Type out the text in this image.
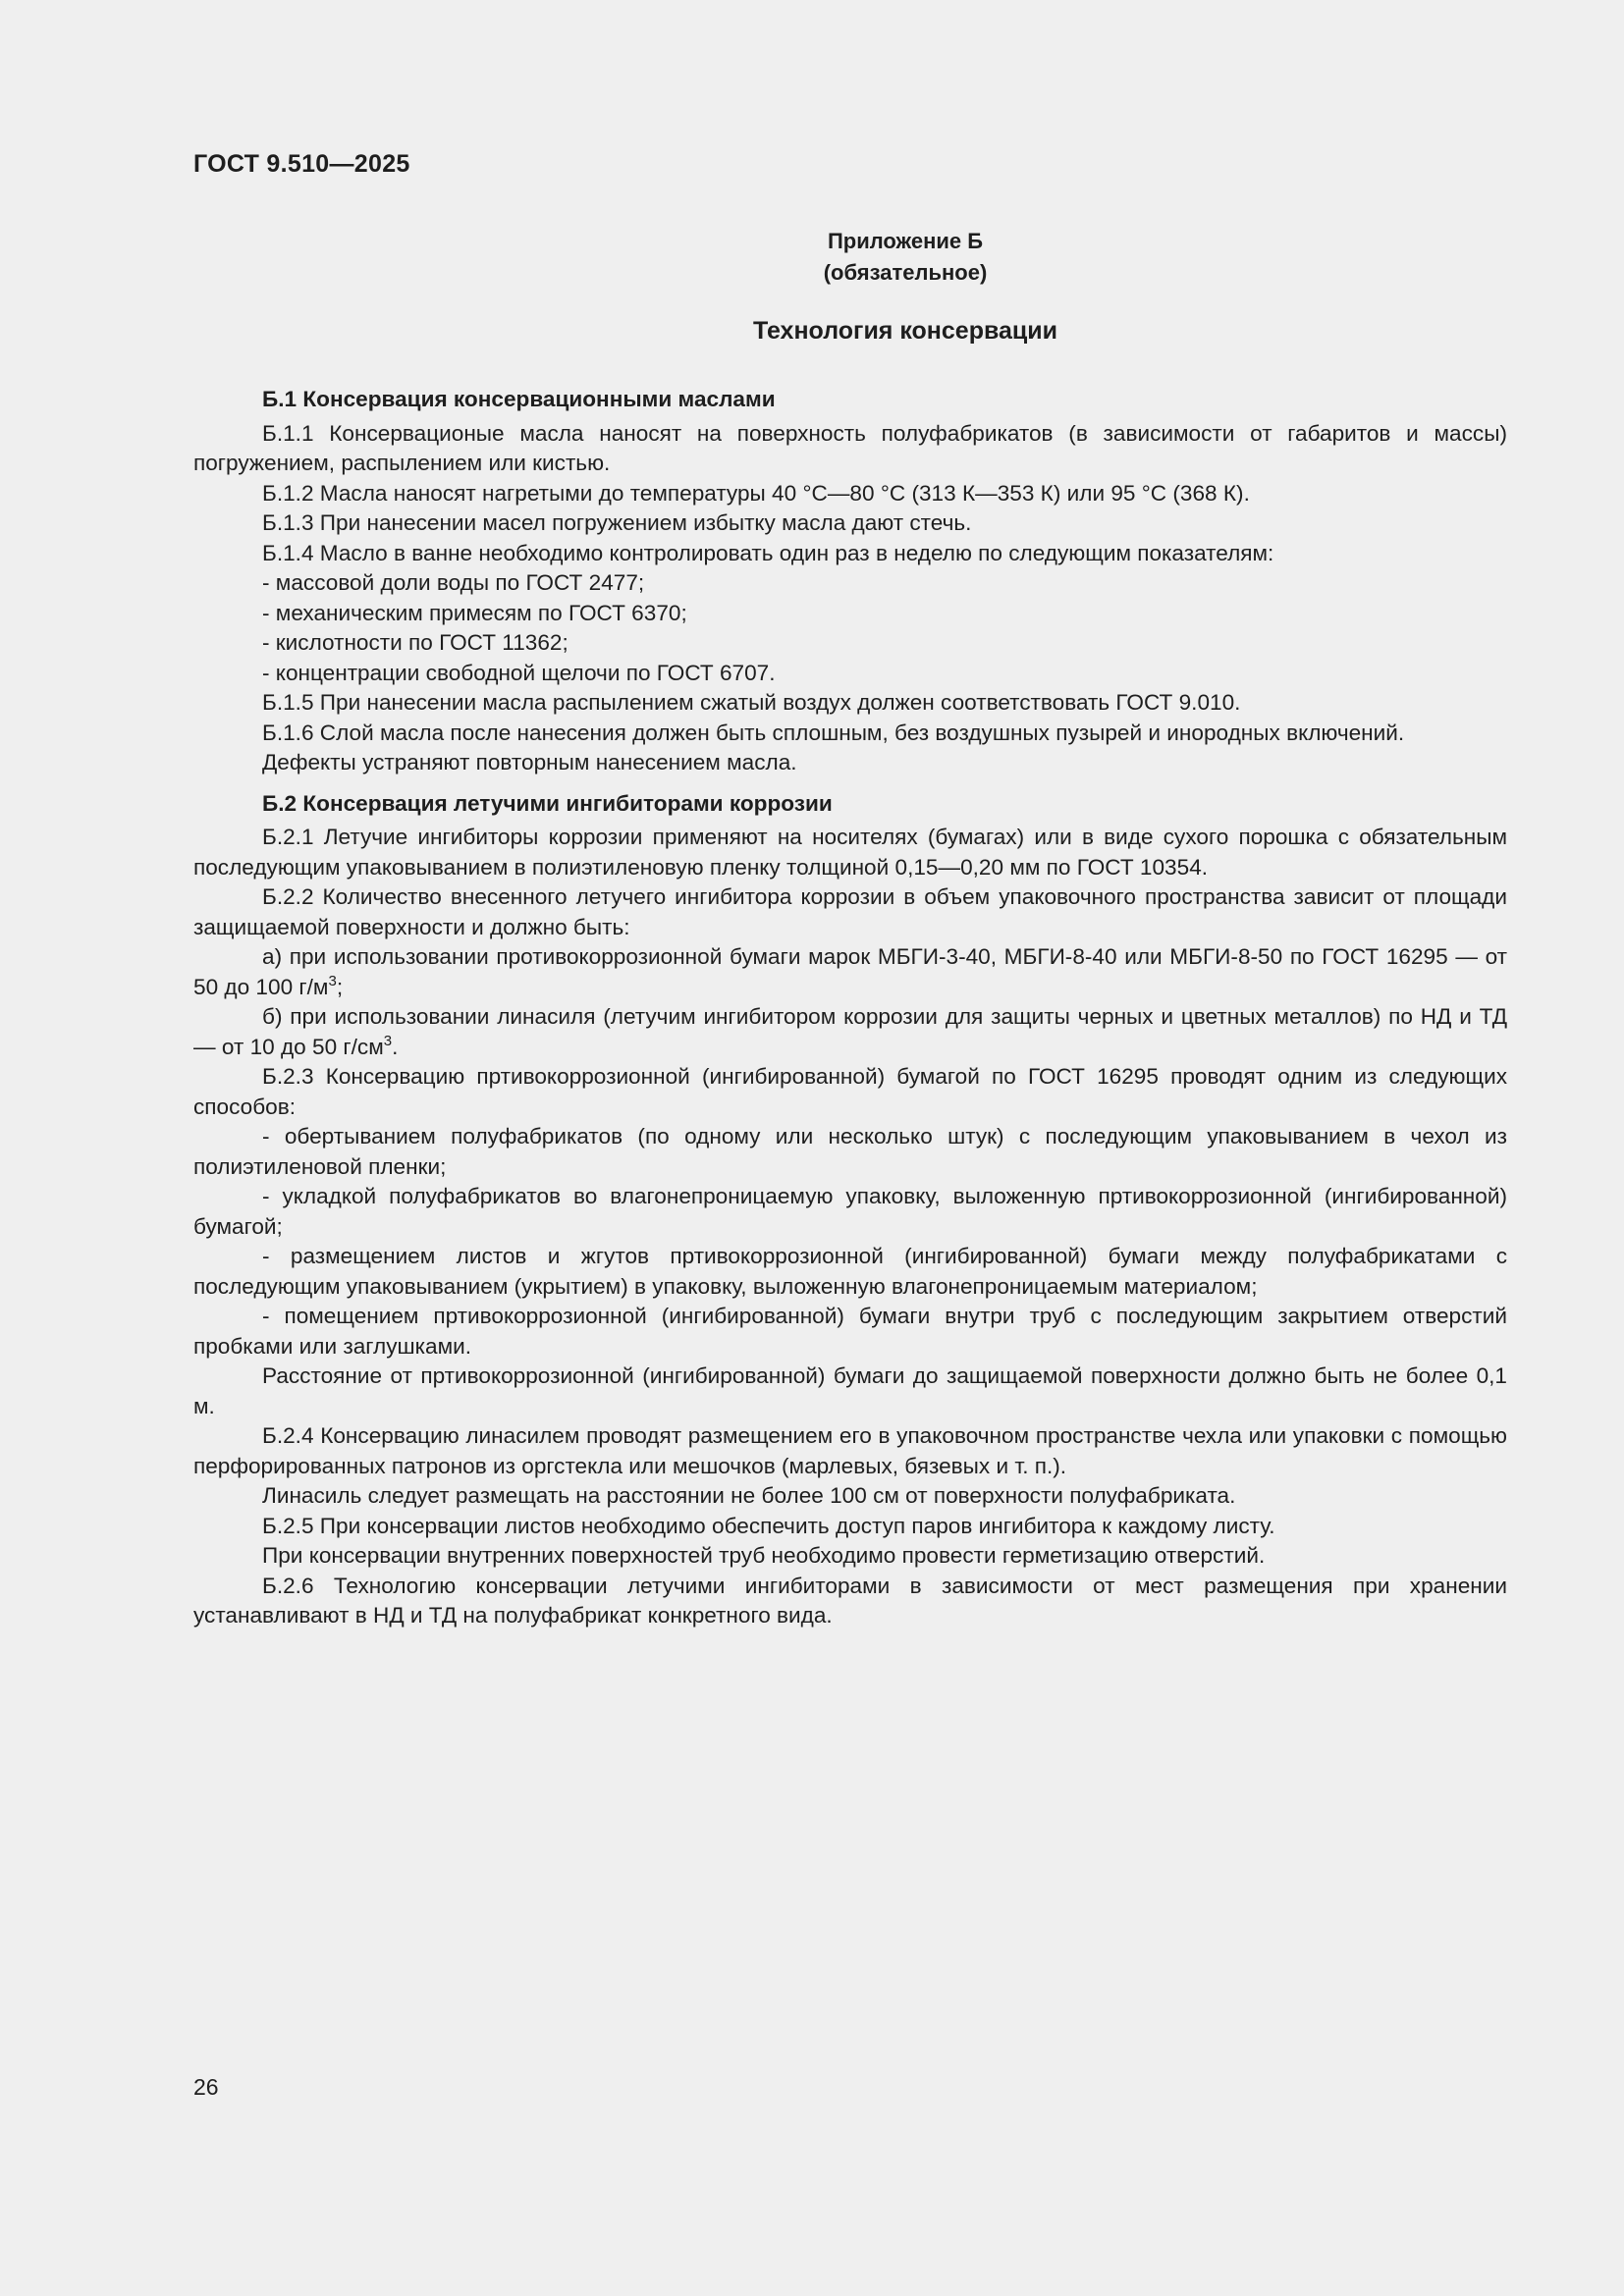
ГОСТ 9.510—2025
Приложение Б
(обязательное)
Технология консервации

Б.1 Консервация консервационными маслами

Б.1.1 Консервационые масла наносят на поверхность полуфабрикатов (в зависимости от габаритов и массы) погружением, распылением или кистью.

Б.1.2 Масла наносят нагретыми до температуры 40 °С—80 °С (313 К—353 К) или 95 °С (368 К).

Б.1.3 При нанесении масел погружением избытку масла дают стечь.

Б.1.4 Масло в ванне необходимо контролировать один раз в неделю по следующим показателям:

- массовой доли воды по ГОСТ 2477;

- механическим примесям по ГОСТ 6370;

- кислотности по ГОСТ 11362;

- концентрации свободной щелочи по ГОСТ 6707.

Б.1.5 При нанесении масла распылением сжатый воздух должен соответствовать ГОСТ 9.010.

Б.1.6 Слой масла после нанесения должен быть сплошным, без воздушных пузырей и инородных включений.

Дефекты устраняют повторным нанесением масла.

Б.2 Консервация летучими ингибиторами коррозии

Б.2.1 Летучие ингибиторы коррозии применяют на носителях (бумагах) или в виде сухого порошка с обязательным последующим упаковыванием в полиэтиленовую пленку толщиной 0,15—0,20 мм по ГОСТ 10354.

Б.2.2 Количество внесенного летучего ингибитора коррозии в объем упаковочного пространства зависит от площади защищаемой поверхности и должно быть:

а) при использовании противокоррозионной бумаги марок МБГИ-3-40, МБГИ-8-40 или МБГИ-8-50 по ГОСТ 16295 — от 50 до 100 $г/м^3$;

б) при использовании линасиля (летучим ингибитором коррозии для защиты черных и цветных металлов) по НД и ТД — от 10 до 50 $г/см^3$.

Б.2.3 Консервацию пртивокоррозионной (ингибированной) бумагой по ГОСТ 16295 проводят одним из следующих способов:

- обертыванием полуфабрикатов (по одному или несколько штук) с последующим упаковыванием в чехол из полиэтиленовой пленки;

- укладкой полуфабрикатов во влагонепроницаемую упаковку, выложенную пртивокоррозионной (ингибированной) бумагой;

- размещением листов и жгутов пртивокоррозионной (ингибированной) бумаги между полуфабрикатами с последующим упаковыванием (укрытием) в упаковку, выложенную влагонепроницаемым материалом;

- помещением пртивокоррозионной (ингибированной) бумаги внутри труб с последующим закрытием отверстий пробками или заглушками.

Расстояние от пртивокоррозионной (ингибированной) бумаги до защищаемой поверхности должно быть не более 0,1 м.

Б.2.4 Консервацию линасилем проводят размещением его в упаковочном пространстве чехла или упаковки с помощью перфорированных патронов из оргстекла или мешочков (марлевых, бязевых и т. п.).

Линасиль следует размещать на расстоянии не более 100 см от поверхности полуфабриката.

Б.2.5 При консервации листов необходимо обеспечить доступ паров ингибитора к каждому листу.

При консервации внутренних поверхностей труб необходимо провести герметизацию отверстий.

Б.2.6 Технологию консервации летучими ингибиторами в зависимости от мест размещения при хранении устанавливают в НД и ТД на полуфабрикат конкретного вида.

26
